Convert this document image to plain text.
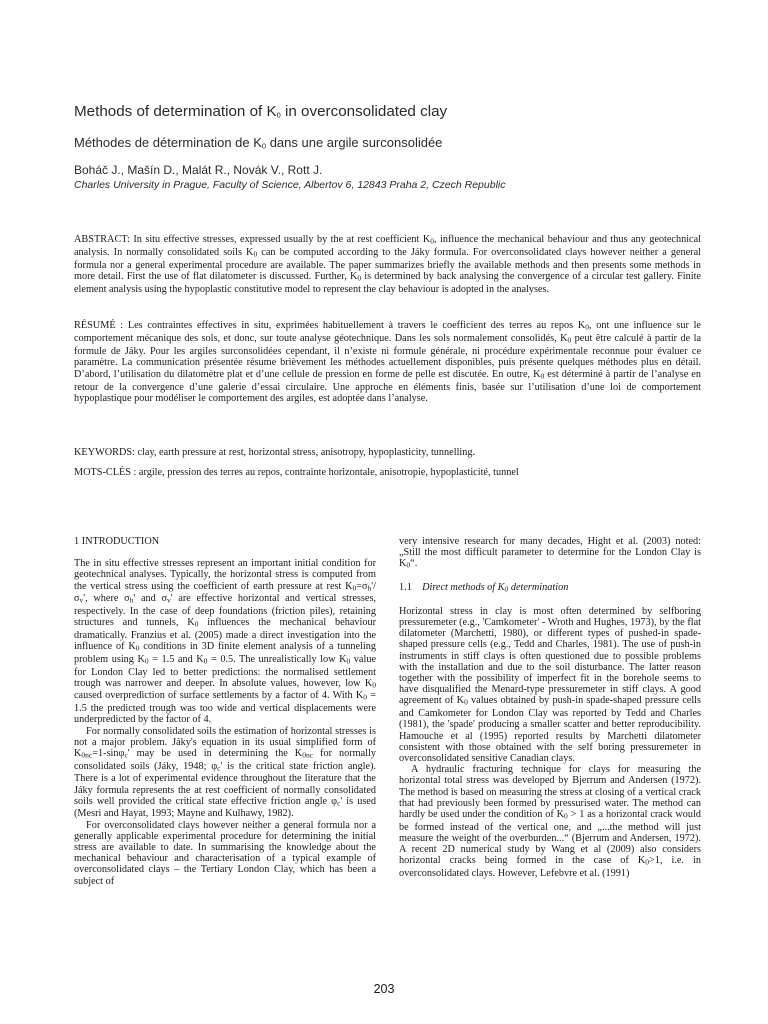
Methods of determination of $K_0$ in overconsolidated clay
Méthodes de détermination de $K_0$ dans une argile surconsolidée
Boháč J., Mašín D., Malát R., Novák V., Rott J.
Charles University in Prague, Faculty of Science, Albertov 6, 12843 Praha 2, Czech Republic
ABSTRACT: In situ effective stresses, expressed usually by the at rest coefficient $K_0$, influence the mechanical behaviour and thus any geotechnical analysis. In normally consolidated soils $K_0$ can be computed according to the Jáky formula. For overconsolidated clays however neither a general formula nor a general experimental procedure are available. The paper summarizes briefly the available methods and then presents some methods in more detail. First the use of flat dilatometer is discussed. Further, $K_0$ is determined by back analysing the convergence of a circular test gallery. Finite element analysis using the hypoplastic constitutive model to represent the clay behaviour is adopted in the analyses.
RÉSUMÉ : Les contraintes effectives in situ, exprimées habituellement à travers le coefficient des terres au repos $K_0$, ont une influence sur le comportement mécanique des sols, et donc, sur toute analyse géotechnique. Dans les sols normalement consolidés, $K_0$ peut être calculé à partir de la formule de Jáky. Pour les argiles surconsolidées cependant, il n’existe ni formule générale, ni procédure expérimentale reconnue pour évaluer ce paramètre. La communication présentée résume brièvement les méthodes actuellement disponibles, puis présente quelques méthodes plus en détail. D’abord, l’utilisation du dilatomètre plat et d’une cellule de pression en forme de pelle est discutée. En outre, $K_0$ est déterminé à partir de l’analyse en retour de la convergence d’une galerie d’essai circulaire. Une approche en éléments finis, basée sur l’utilisation d’une loi de comportement hypoplastique pour modéliser le comportement des argiles, est adoptée dans l’analyse.
KEYWORDS: clay, earth pressure at rest, horizontal stress, anisotropy, hypoplasticity, tunnelling.
MOTS-CLÉS : argile, pression des terres au repos, contrainte horizontale, anisotropie, hypoplasticité, tunnel
1 INTRODUCTION

The in situ effective stresses represent an important initial condition for geotechnical analyses. Typically, the horizontal stress is computed from the vertical stress using the coefficient of earth pressure at rest $K_0=\sigma_h'/\sigma_v'$, where $\sigma_h'$ and $\sigma_v'$ are effective horizontal and vertical stresses, respectively. In the case of deep foundations (friction piles), retaining structures and tunnels, $K_0$ influences the mechanical behaviour dramatically. Franzius et al. (2005) made a direct investigation into the influence of $K_0$ conditions in 3D finite element analysis of a tunneling problem using $K_0 = 1.5$ and $K_0 = 0.5$. The unrealistically low $K_0$ value for London Clay led to better predictions: the normalised settlement trough was narrower and deeper. In absolute values, however, low $K_0$ caused overprediction of surface settlements by a factor of 4. With $K_0 = 1.5$ the predicted trough was too wide and vertical displacements were underpredicted by the factor of 4.

For normally consolidated soils the estimation of horizontal stresses is not a major problem. Jáky's equation in its usual simplified form of $K_{0nc}=1-\sin\varphi_c'$ may be used in determining the $K_{0nc}$ for normally consolidated soils (Jáky, 1948; $\varphi_c'$ is the critical state friction angle). There is a lot of experimental evidence throughout the literature that the Jáky formula represents the at rest coefficient of normally consolidated soils well provided the critical state effective friction angle $\varphi_c'$ is used (Mesri and Hayat, 1993; Mayne and Kulhawy, 1982).

For overconsolidated clays however neither a general formula nor a generally applicable experimental procedure for determining the initial stress are available to date. In summarising the knowledge about the mechanical behaviour and characterisation of a typical example of overconsolidated clays – the Tertiary London Clay, which has been a subject of

very intensive research for many decades, Hight et al. (2003) noted: „Still the most difficult parameter to determine for the London Clay is $K_0“$.

1.1 Direct methods of $K_0$ determination

Horizontal stress in clay is most often determined by selfboring pressuremeter (e.g., 'Camkometer' - Wroth and Hughes, 1973), by the flat dilatometer (Marchetti, 1980), or different types of pushed-in spade-shaped pressure cells (e.g., Tedd and Charles, 1981). The use of push-in instruments in stiff clays is often questioned due to possible problems with the installation and due to the soil disturbance. The latter reason together with the possibility of imperfect fit in the borehole seems to have disqualified the Menard-type pressuremeter in stiff clays. A good agreement of $K_0$ values obtained by push-in spade-shaped pressure cells and Camkometer for London Clay was reported by Tedd and Charles (1981), the 'spade' producing a smaller scatter and better reproducibility. Hamouche et al (1995) reported results by Marchetti dilatometer consistent with those obtained with the self boring pressuremeter in overconsolidated sensitive Canadian clays.

A hydraulic fracturing technique for clays for measuring the horizontal total stress was developed by Bjerrum and Andersen (1972). The method is based on measuring the stress at closing of a vertical crack that had previously been formed by pressurised water. The method can hardly be used under the condition of $K_0 > 1$ as a horizontal crack would be formed instead of the vertical one, and „...the method will just measure the weight of the overburden...“ (Bjerrum and Andersen, 1972). A recent 2D numerical study by Wang et al (2009) also considers horizontal cracks being formed in the case of $K_0>1$, i.e. in overconsolidated clays. However, Lefebvre et al. (1991)

203
